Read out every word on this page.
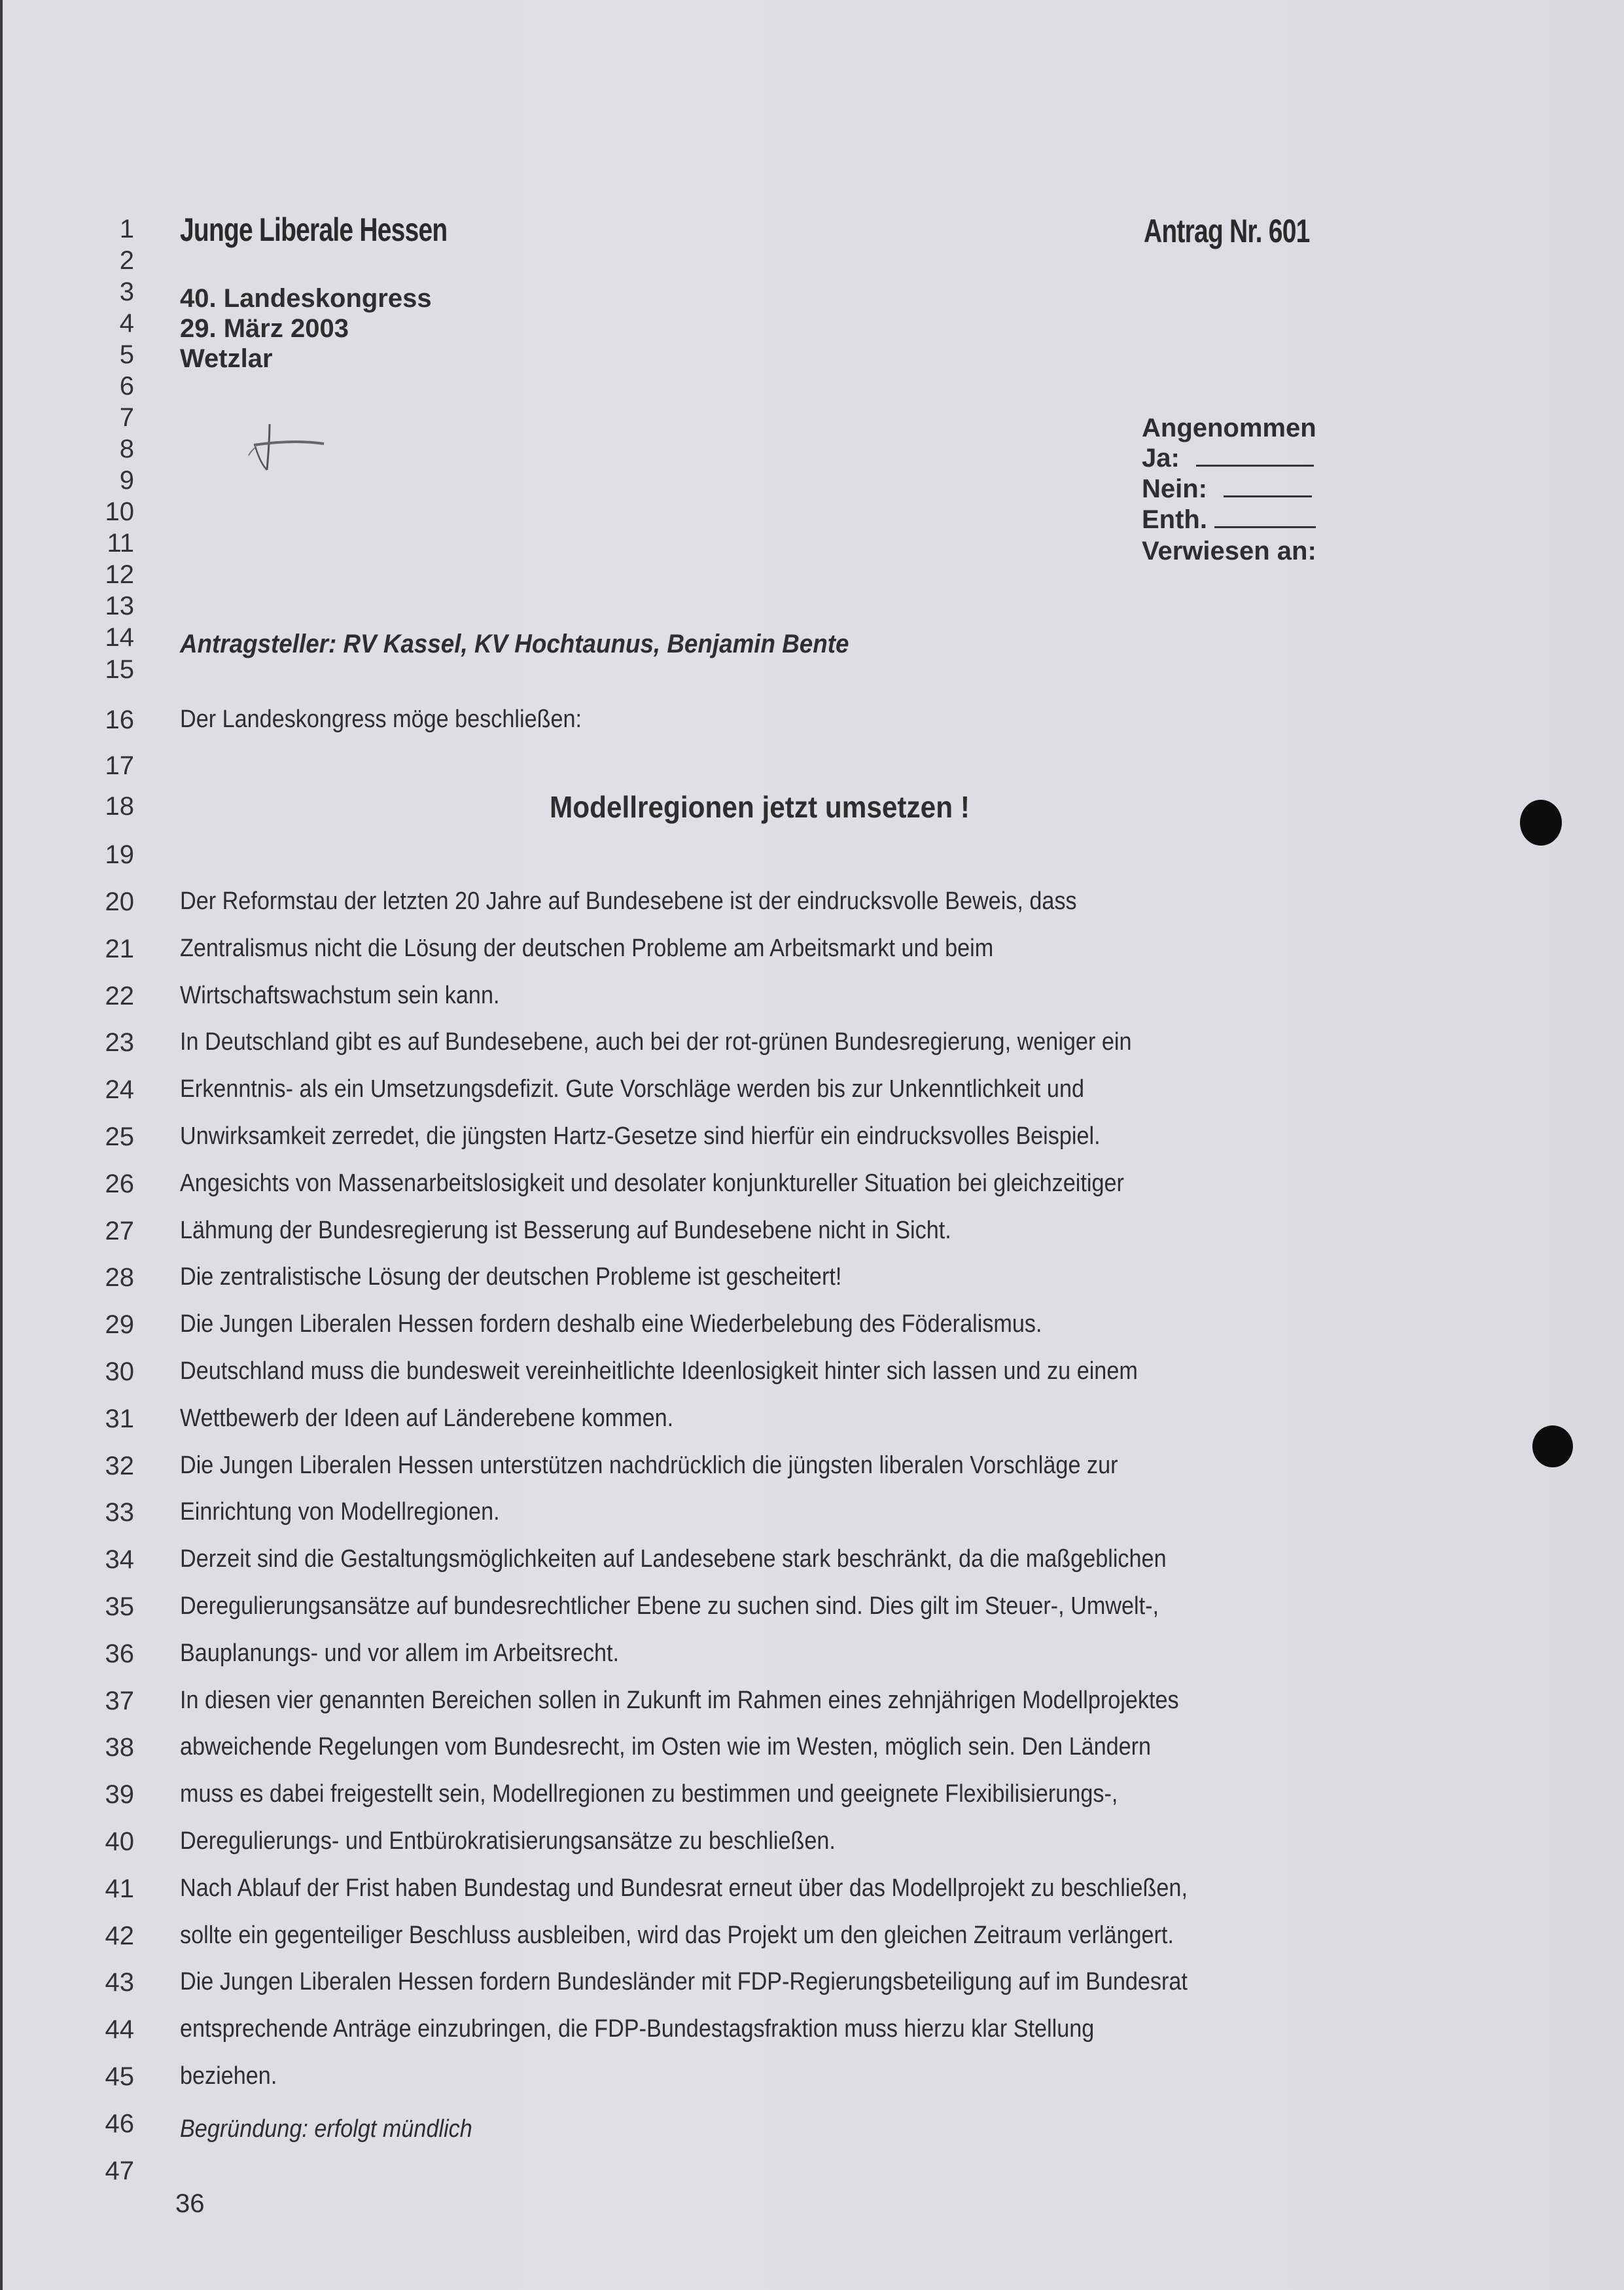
1
2
3
4
5
6
7
8
9
10
11
12
13
14
15
16
17
18
19
20
21
22
23
24
25
26
27
28
29
30
31
32
33
34
35
36
37
38
39
40
41
42
43
44
45
46
47
Junge Liberale Hessen	Antrag Nr. 601
40. Landeskongress
29. März 2003
Wetzlar
Angenommen
Ja:
Nein:
Enth.
Verwiesen an:
Antragsteller: RV Kassel, KV Hochtaunus, Benjamin Bente
Der Landeskongress möge beschließen:
Modellregionen jetzt umsetzen !
Der Reformstau der letzten 20 Jahre auf Bundesebene ist der eindrucksvolle Beweis, dass
Zentralismus nicht die Lösung der deutschen Probleme am Arbeitsmarkt und beim
Wirtschaftswachstum sein kann.
In Deutschland gibt es auf Bundesebene, auch bei der rot-grünen Bundesregierung, weniger ein
Erkenntnis- als ein Umsetzungsdefizit. Gute Vorschläge werden bis zur Unkenntlichkeit und
Unwirksamkeit zerredet, die jüngsten Hartz-Gesetze sind hierfür ein eindrucksvolles Beispiel.
Angesichts von Massenarbeitslosigkeit und desolater konjunktureller Situation bei gleichzeitiger
Lähmung der Bundesregierung ist Besserung auf Bundesebene nicht in Sicht.
Die zentralistische Lösung der deutschen Probleme ist gescheitert!
Die Jungen Liberalen Hessen fordern deshalb eine Wiederbelebung des Föderalismus.
Deutschland muss die bundesweit vereinheitlichte Ideenlosigkeit hinter sich lassen und zu einem
Wettbewerb der Ideen auf Länderebene kommen.
Die Jungen Liberalen Hessen unterstützen nachdrücklich die jüngsten liberalen Vorschläge zur
Einrichtung von Modellregionen.
Derzeit sind die Gestaltungsmöglichkeiten auf Landesebene stark beschränkt, da die maßgeblichen
Deregulierungsansätze auf bundesrechtlicher Ebene zu suchen sind. Dies gilt im Steuer-, Umwelt-,
Bauplanungs- und vor allem im Arbeitsrecht.
In diesen vier genannten Bereichen sollen in Zukunft im Rahmen eines zehnjährigen Modellprojektes
abweichende Regelungen vom Bundesrecht, im Osten wie im Westen, möglich sein. Den Ländern
muss es dabei freigestellt sein, Modellregionen zu bestimmen und geeignete Flexibilisierungs-,
Deregulierungs- und Entbürokratisierungsansätze zu beschließen.
Nach Ablauf der Frist haben Bundestag und Bundesrat erneut über das Modellprojekt zu beschließen,
sollte ein gegenteiliger Beschluss ausbleiben, wird das Projekt um den gleichen Zeitraum verlängert.
Die Jungen Liberalen Hessen fordern Bundesländer mit FDP-Regierungsbeteiligung auf im Bundesrat
entsprechende Anträge einzubringen, die FDP-Bundestagsfraktion muss hierzu klar Stellung
beziehen.
Begründung: erfolgt mündlich
36
